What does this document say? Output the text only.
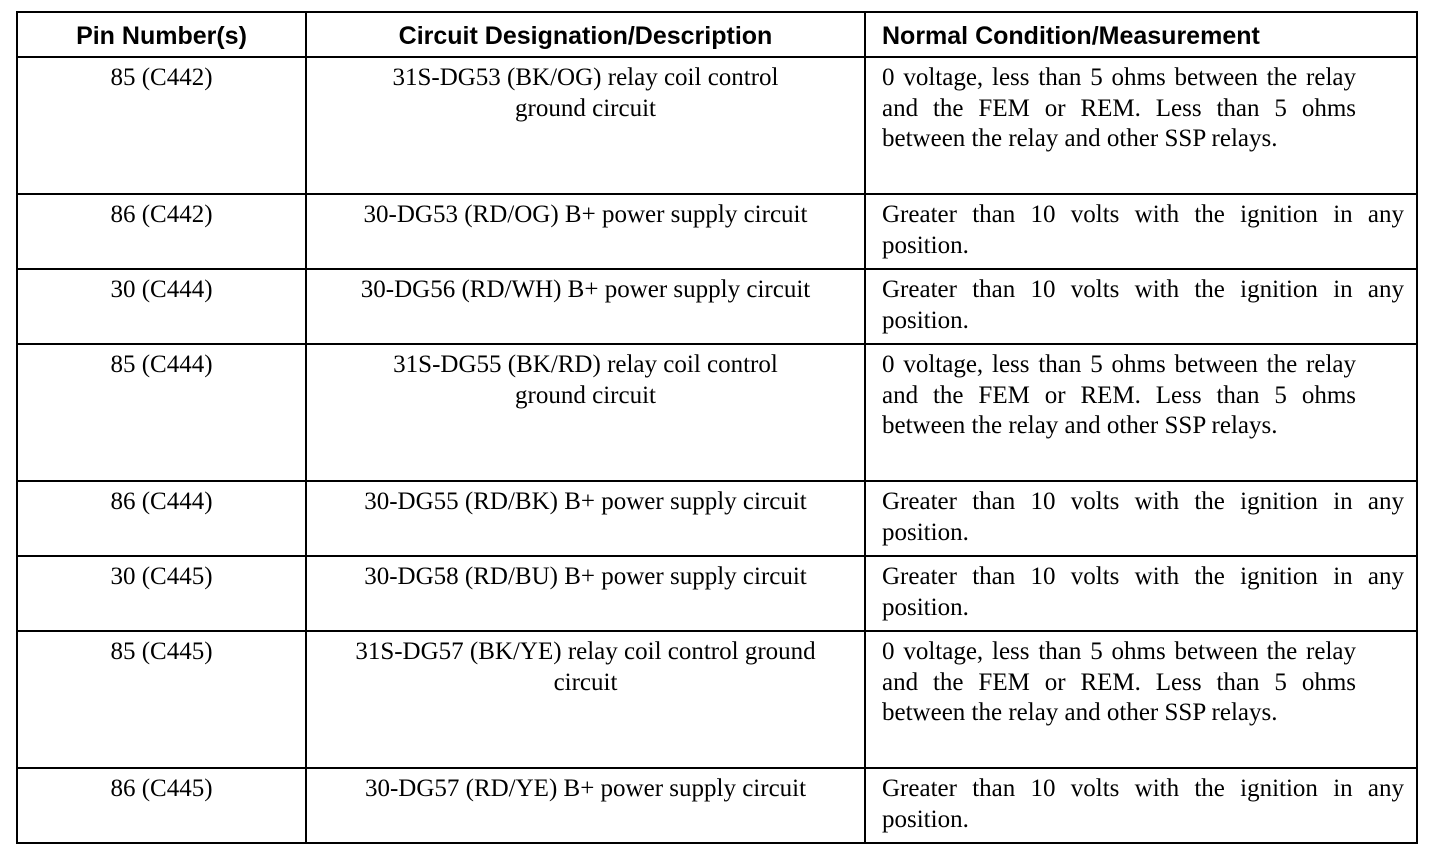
Pin Number(s)	Circuit Designation/Description	Normal Condition/Measurement
85 (C442)	31S-DG53 (BK/OG) relay coil control ground circuit	0 voltage, less than 5 ohms between the relay and the FEM or REM. Less than 5 ohms between the relay and other SSP relays.
86 (C442)	30-DG53 (RD/OG) B+ power supply circuit	Greater than 10 volts with the ignition in any position.
30 (C444)	30-DG56 (RD/WH) B+ power supply circuit	Greater than 10 volts with the ignition in any position.
85 (C444)	31S-DG55 (BK/RD) relay coil control ground circuit	0 voltage, less than 5 ohms between the relay and the FEM or REM. Less than 5 ohms between the relay and other SSP relays.
86 (C444)	30-DG55 (RD/BK) B+ power supply circuit	Greater than 10 volts with the ignition in any position.
30 (C445)	30-DG58 (RD/BU) B+ power supply circuit	Greater than 10 volts with the ignition in any position.
85 (C445)	31S-DG57 (BK/YE) relay coil control ground circuit	0 voltage, less than 5 ohms between the relay and the FEM or REM. Less than 5 ohms between the relay and other SSP relays.
86 (C445)	30-DG57 (RD/YE) B+ power supply circuit	Greater than 10 volts with the ignition in any position.
